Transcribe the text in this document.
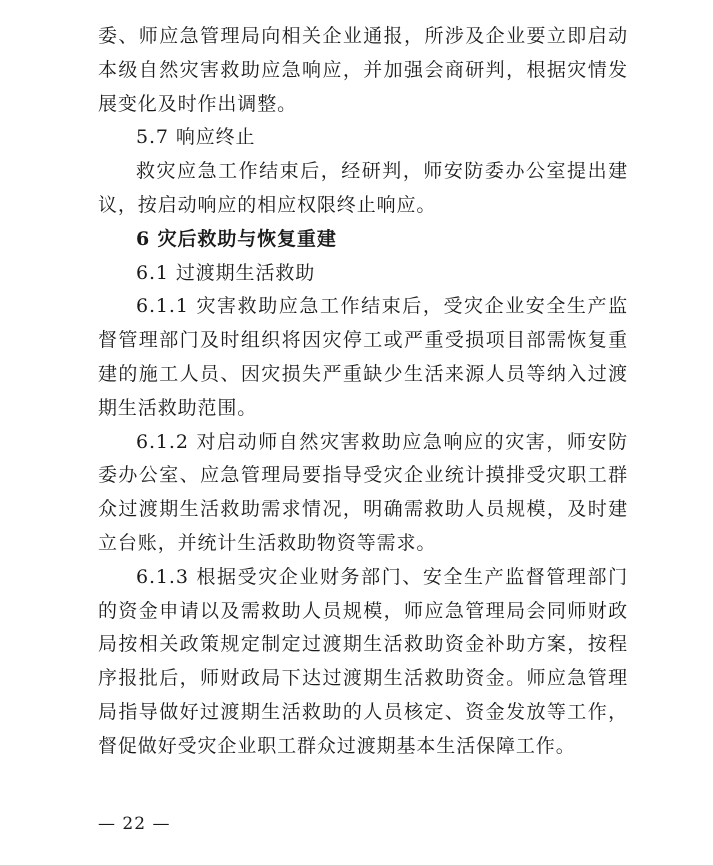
委、师应急管理局向相关企业通报，所涉及企业要立即启动本级自然灾害救助应急响应，并加强会商研判，根据灾情发展变化及时作出调整。

5.7 响应终止

救灾应急工作结束后，经研判，师安防委办公室提出建议，按启动响应的相应权限终止响应。

6 灾后救助与恢复重建

6.1 过渡期生活救助

6.1.1 灾害救助应急工作结束后，受灾企业安全生产监督管理部门及时组织将因灾停工或严重受损项目部需恢复重建的施工人员、因灾损失严重缺少生活来源人员等纳入过渡期生活救助范围。

6.1.2 对启动师自然灾害救助应急响应的灾害，师安防委办公室、应急管理局要指导受灾企业统计摸排受灾职工群众过渡期生活救助需求情况，明确需救助人员规模，及时建立台账，并统计生活救助物资等需求。

6.1.3 根据受灾企业财务部门、安全生产监督管理部门的资金申请以及需救助人员规模，师应急管理局会同师财政局按相关政策规定制定过渡期生活救助资金补助方案，按程序报批后，师财政局下达过渡期生活救助资金。师应急管理局指导做好过渡期生活救助的人员核定、资金发放等工作，督促做好受灾企业职工群众过渡期基本生活保障工作。

— 22 —
